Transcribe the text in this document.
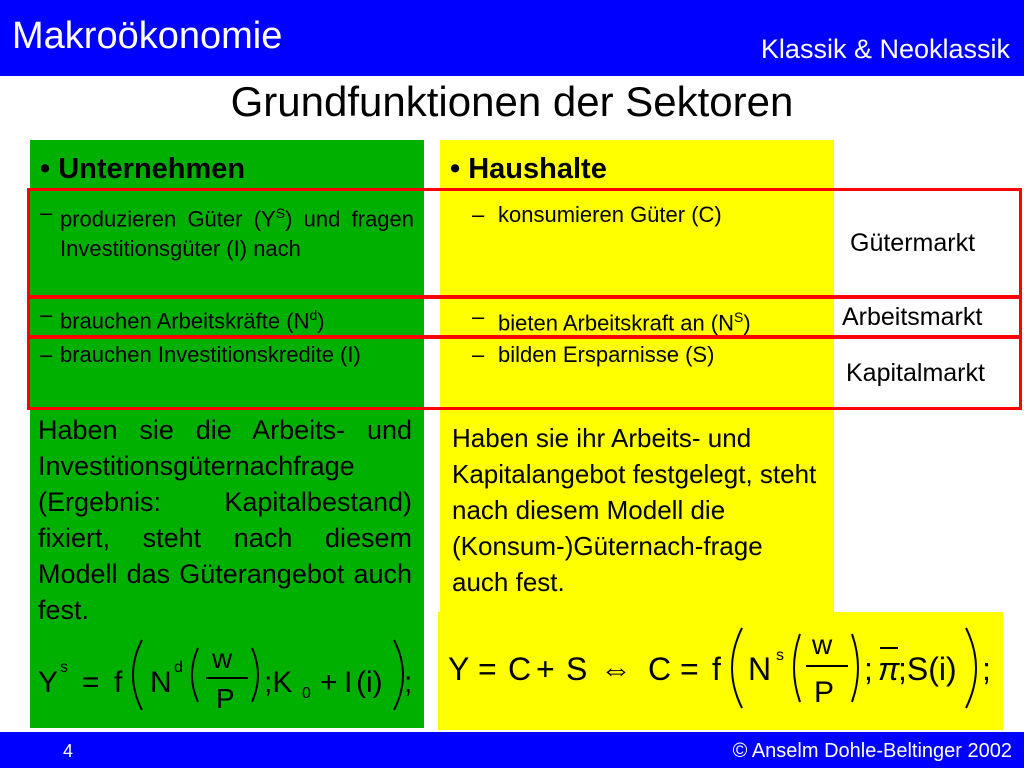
Makroökonomie	Klassik & Neoklassik
Grundfunktionen der Sektoren
• Unternehmen
– produzieren Güter $(Y^S)$ und fragen Investitionsgüter (I) nach
– brauchen Arbeitskräfte $(N^d)$
– brauchen Investitionskredite (I)
Haben sie die Arbeits- und Investitionsgüternachfrage (Ergebnis: Kapitalbestand) fixiert, steht nach diesem Modell das Güterangebot auch fest.
• Haushalte
– konsumieren Güter (C)
– bieten Arbeitskraft an $(N^S)$
– bilden Ersparnisse (S)
Haben sie ihr Arbeits- und Kapitalangebot festgelegt, steht nach diesem Modell die (Konsum-)Güternach-frage auch fest.
Gütermarkt
Arbeitsmarkt
Kapitalmarkt
Y s = f N d w
P ;K 0 + I (i) ; Y = C + S ⇔ C = f N s w
P
; π
;S(i) ;
4	© Anselm Dohle-Beltinger 2002
